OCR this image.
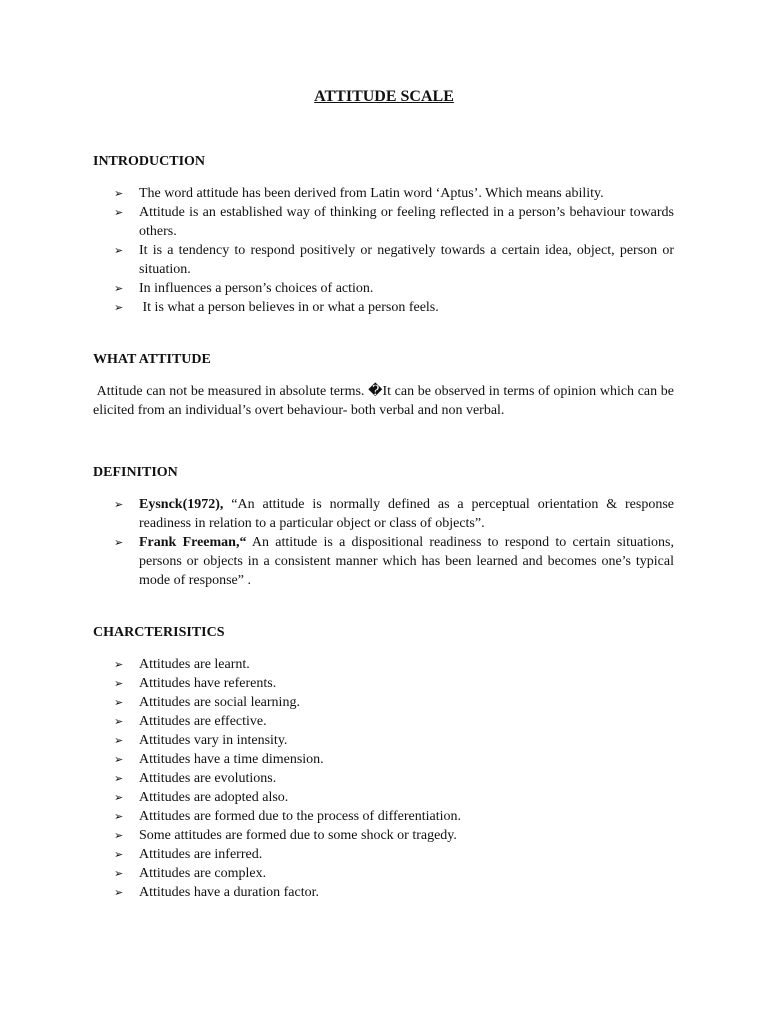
ATTITUDE SCALE
INTRODUCTION
➢ The word attitude has been derived from Latin word ‘Aptus’. Which means ability.
➢ Attitude is an established way of thinking or feeling reflected in a person’s behaviour towards others.
➢ It is a tendency to respond positively or negatively towards a certain idea, object, person or situation.
➢ In influences a person’s choices of action.
➢ It is what a person believes in or what a person feels.
WHAT ATTITUDE

Attitude can not be measured in absolute terms. �It can be observed in terms of opinion which can be elicited from an individual’s overt behaviour- both verbal and non verbal.

DEFINITION
➢ Eysnck(1972), “An attitude is normally defined as a perceptual orientation & response readiness in relation to a particular object or class of objects”.
➢ Frank Freeman,“ An attitude is a dispositional readiness to respond to certain situations, persons or objects in a consistent manner which has been learned and becomes one’s typical mode of response” .
CHARCTERISITICS
➢ Attitudes are learnt.
➢ Attitudes have referents.
➢ Attitudes are social learning.
➢ Attitudes are effective.
➢ Attitudes vary in intensity.
➢ Attitudes have a time dimension.
➢ Attitudes are evolutions.
➢ Attitudes are adopted also.
➢ Attitudes are formed due to the process of differentiation.
➢ Some attitudes are formed due to some shock or tragedy.
➢ Attitudes are inferred.
➢ Attitudes are complex.
➢ Attitudes have a duration factor.
